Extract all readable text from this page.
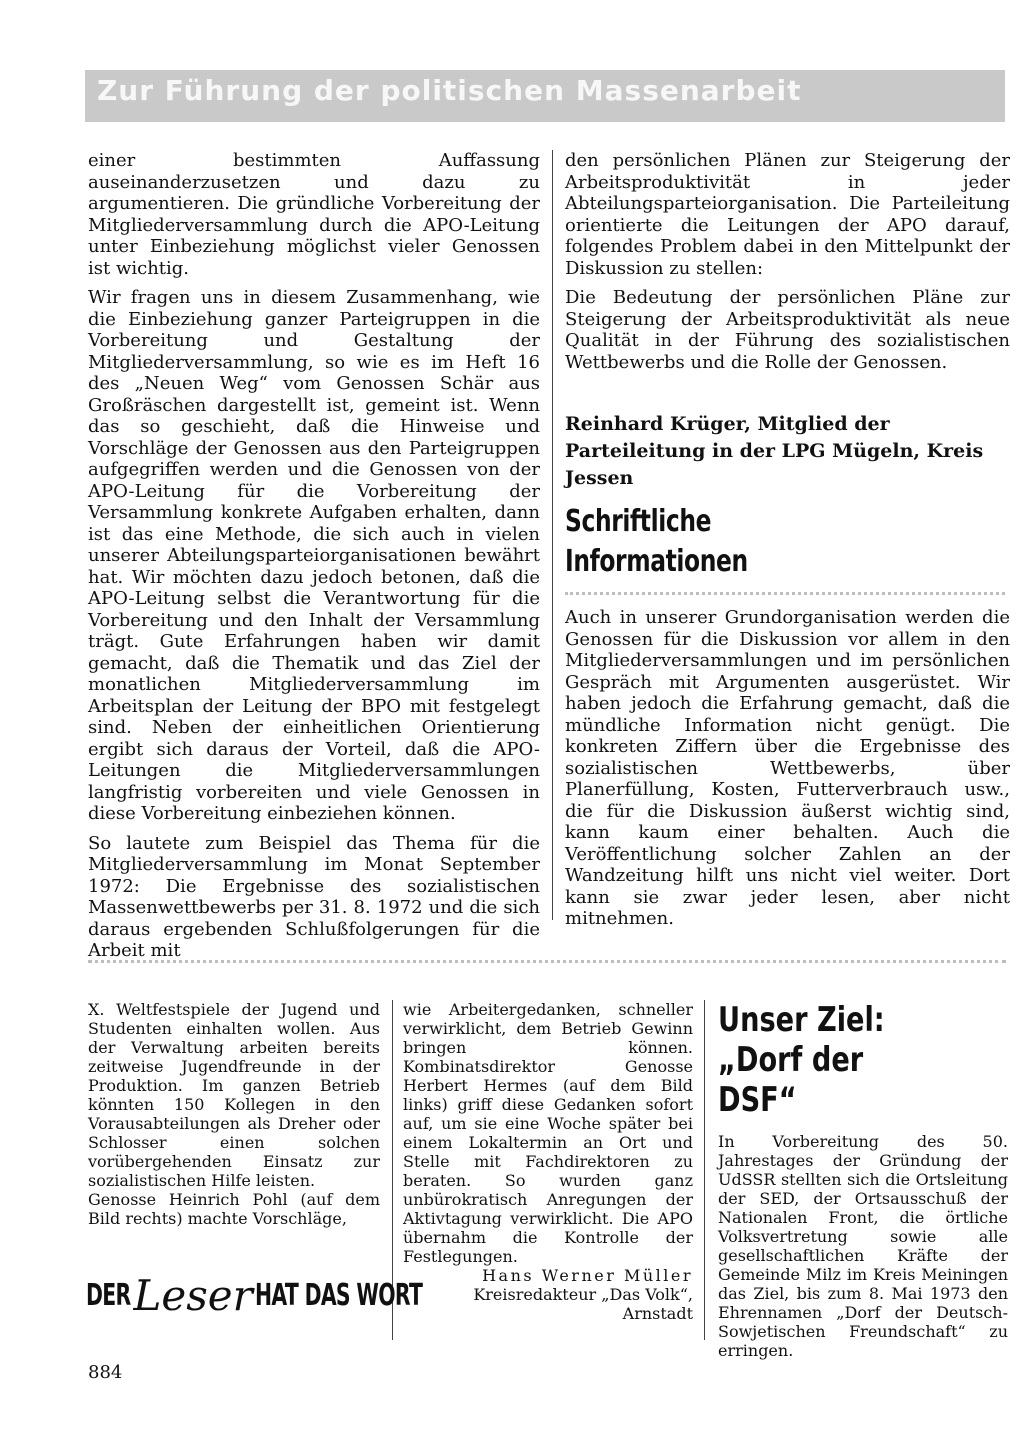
Zur Führung der politischen Massenarbeit

einer bestimmten Auffassung auseinanderzusetzen und dazu zu argumentieren. Die gründliche Vorbereitung der Mitgliederversammlung durch die APO-Leitung unter Einbeziehung möglichst vieler Genossen ist wichtig.

Wir fragen uns in diesem Zusammenhang, wie die Einbeziehung ganzer Parteigruppen in die Vorbereitung und Gestaltung der Mitgliederversammlung, so wie es im Heft 16 des „Neuen Weg“ vom Genossen Schär aus Großräschen dargestellt ist, gemeint ist. Wenn das so geschieht, daß die Hinweise und Vorschläge der Genossen aus den Parteigruppen aufgegriffen werden und die Genossen von der APO-Leitung für die Vorbereitung der Versammlung konkrete Aufgaben erhalten, dann ist das eine Methode, die sich auch in vielen unserer Abteilungsparteiorganisationen bewährt hat. Wir möchten dazu jedoch betonen, daß die APO-Leitung selbst die Verantwortung für die Vorbereitung und den Inhalt der Versammlung trägt. Gute Erfahrungen haben wir damit gemacht, daß die Thematik und das Ziel der monatlichen Mitgliederversammlung im Arbeitsplan der Leitung der BPO mit festgelegt sind. Neben der einheitlichen Orientierung ergibt sich daraus der Vorteil, daß die APO-Leitungen die Mitgliederversammlungen langfristig vorbereiten und viele Genossen in diese Vorbereitung einbeziehen können.

So lautete zum Beispiel das Thema für die Mitgliederversammlung im Monat September 1972: Die Ergebnisse des sozialistischen Massenwettbewerbs per 31. 8. 1972 und die sich daraus ergebenden Schlußfolgerungen für die Arbeit mit

den persönlichen Plänen zur Steigerung der Arbeitsproduktivität in jeder Abteilungsparteiorganisation. Die Parteileitung orientierte die Leitungen der APO darauf, folgendes Problem dabei in den Mittelpunkt der Diskussion zu stellen:

Die Bedeutung der persönlichen Pläne zur Steigerung der Arbeitsproduktivität als neue Qualität in der Führung des sozialistischen Wettbewerbs und die Rolle der Genossen.

Reinhard Krüger, Mitglied der Parteileitung in der LPG Mügeln, Kreis Jessen
Schriftliche
Informationen

Auch in unserer Grundorganisation werden die Genossen für die Diskussion vor allem in den Mitgliederversammlungen und im persönlichen Gespräch mit Argumenten ausgerüstet. Wir haben jedoch die Erfahrung gemacht, daß die mündliche Information nicht genügt. Die konkreten Ziffern über die Ergebnisse des sozialistischen Wettbewerbs, über Planerfüllung, Kosten, Futterverbrauch usw., die für die Diskussion äußerst wichtig sind, kann kaum einer behalten. Auch die Veröffentlichung solcher Zahlen an der Wandzeitung hilft uns nicht viel weiter. Dort kann sie zwar jeder lesen, aber nicht mitnehmen.

X. Weltfestspiele der Jugend und Studenten einhalten wollen. Aus der Verwaltung arbeiten bereits zeitweise Jugendfreunde in der Produktion. Im ganzen Betrieb könnten 150 Kollegen in den Vorausabteilungen als Dreher oder Schlosser einen solchen vorübergehenden Einsatz zur sozialistischen Hilfe leisten.

Genosse Heinrich Pohl (auf dem Bild rechts) machte Vorschläge,

wie Arbeitergedanken, schneller verwirklicht, dem Betrieb Gewinn bringen können. Kombinatsdirektor Genosse Herbert Hermes (auf dem Bild links) griff diese Gedanken sofort auf, um sie eine Woche später bei einem Lokaltermin an Ort und Stelle mit Fachdirektoren zu beraten. So wurden ganz unbürokratisch Anregungen der Aktivtagung verwirklicht. Die APO übernahm die Kontrolle der Festlegungen.

Hans Werner Müller
Kreisredakteur „Das Volk“,
Arnstadt
Unser Ziel:
„Dorf der DSF“

In Vorbereitung des 50. Jahrestages der Gründung der UdSSR stellten sich die Ortsleitung der SED, der Ortsausschuß der Nationalen Front, die örtliche Volksvertretung sowie alle gesellschaftlichen Kräfte der Gemeinde Milz im Kreis Meiningen das Ziel, bis zum 8. Mai 1973 den Ehrennamen „Dorf der Deutsch-Sowjetischen Freundschaft“ zu erringen.

DER Leser HAT DAS WORT
884
